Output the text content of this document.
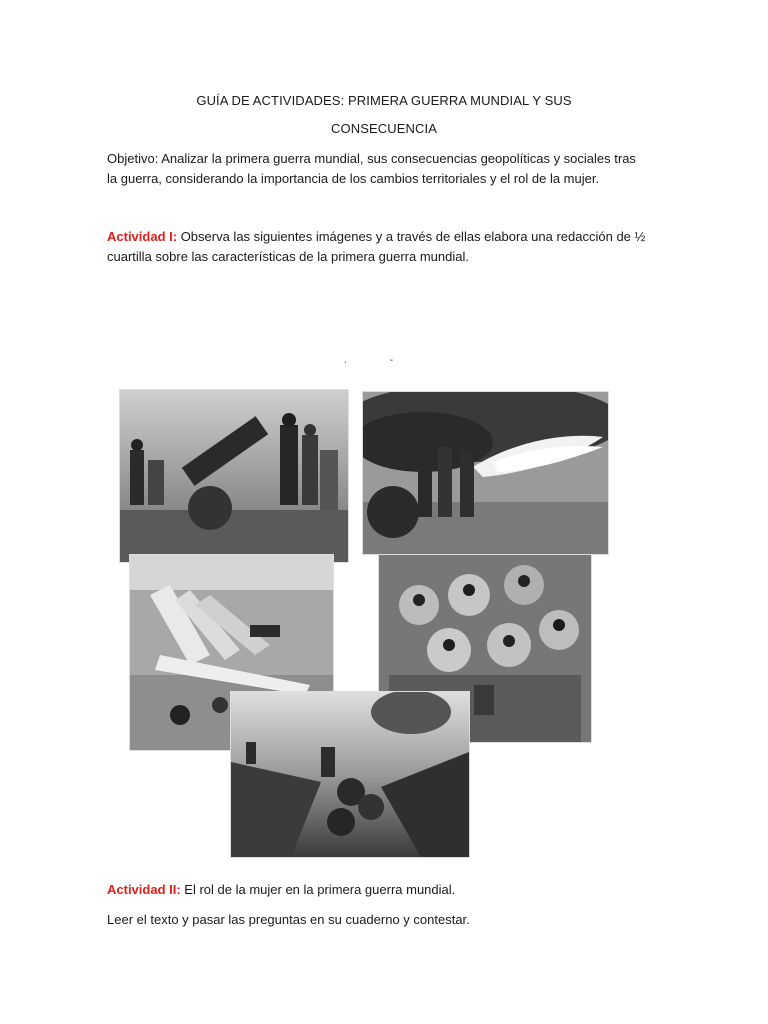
GUÍA DE ACTIVIDADES: PRIMERA GUERRA MUNDIAL Y SUS
CONSECUENCIA
Objetivo: Analizar la primera guerra mundial, sus consecuencias geopolíticas y sociales tras la guerra, considerando la importancia de los cambios territoriales y el rol de la mujer.
Actividad I: Observa las siguientes imágenes y a través de ellas elabora una redacción de ½ cuartilla sobre las características de la primera guerra mundial.
.	-
Actividad II: El rol de la mujer en la primera guerra mundial.
Leer el texto y pasar las preguntas en su cuaderno y contestar.
